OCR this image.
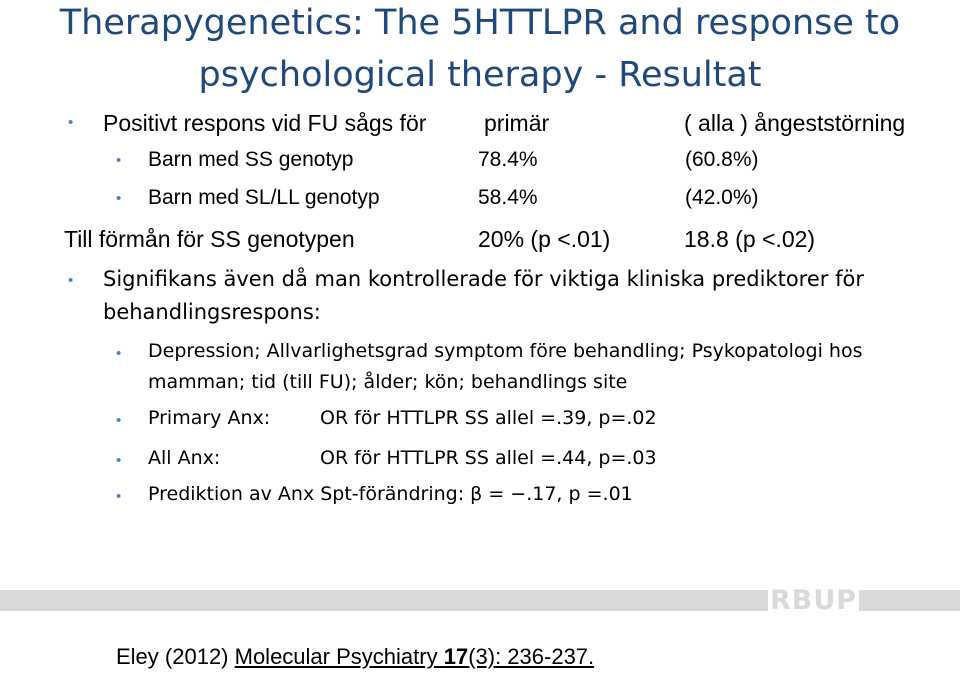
Therapygenetics: The 5HTTLPR and response to
psychological therapy - Resultat
• Positivt respons vid FU sågs för	primär	( alla ) ångeststörning
• Barn med SS genotyp	78.4%	(60.8%)
• Barn med SL/LL genotyp	58.4%	(42.0%)
Till förmån för SS genotypen	20% (p <.01)	18.8 (p <.02)
• Signifikans även då man kontrollerade för viktiga kliniska prediktorer för
behandlingsrespons:
• Depression; Allvarlighetsgrad symptom före behandling; Psykopatologi hos
mamman; tid (till FU); ålder; kön; behandlings site
• Primary Anx:	OR för HTTLPR SS allel =.39, p=.02
• All Anx:	OR för HTTLPR SS allel =.44, p=.03
• Prediktion av Anx Spt-förändring: β = −.17, p =.01
RBUP
Eley (2012) Molecular Psychiatry 17(3): 236-237.
